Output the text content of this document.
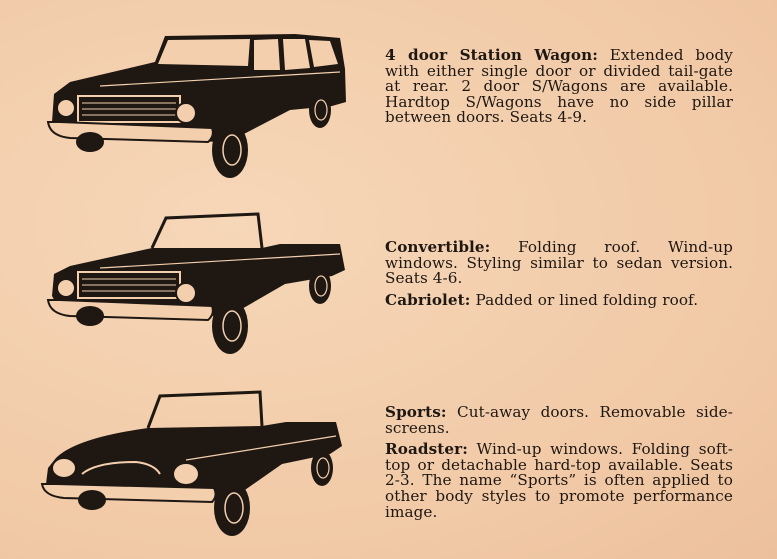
4 door Station Wagon: Extended body with either single door or divided tail-gate at rear. 2 door S/Wagons are available. Hardtop S/Wagons have no side pillar between doors. Seats 4-9.

Convertible: Folding roof. Wind-up windows. Styling similar to sedan version. Seats 4-6.

Cabriolet: Padded or lined folding roof.

Sports: Cut-away doors. Removable side-screens.

Roadster: Wind-up windows. Folding soft-top or detachable hard-top available. Seats 2-3. The name “Sports” is often applied to other body styles to promote performance image.
